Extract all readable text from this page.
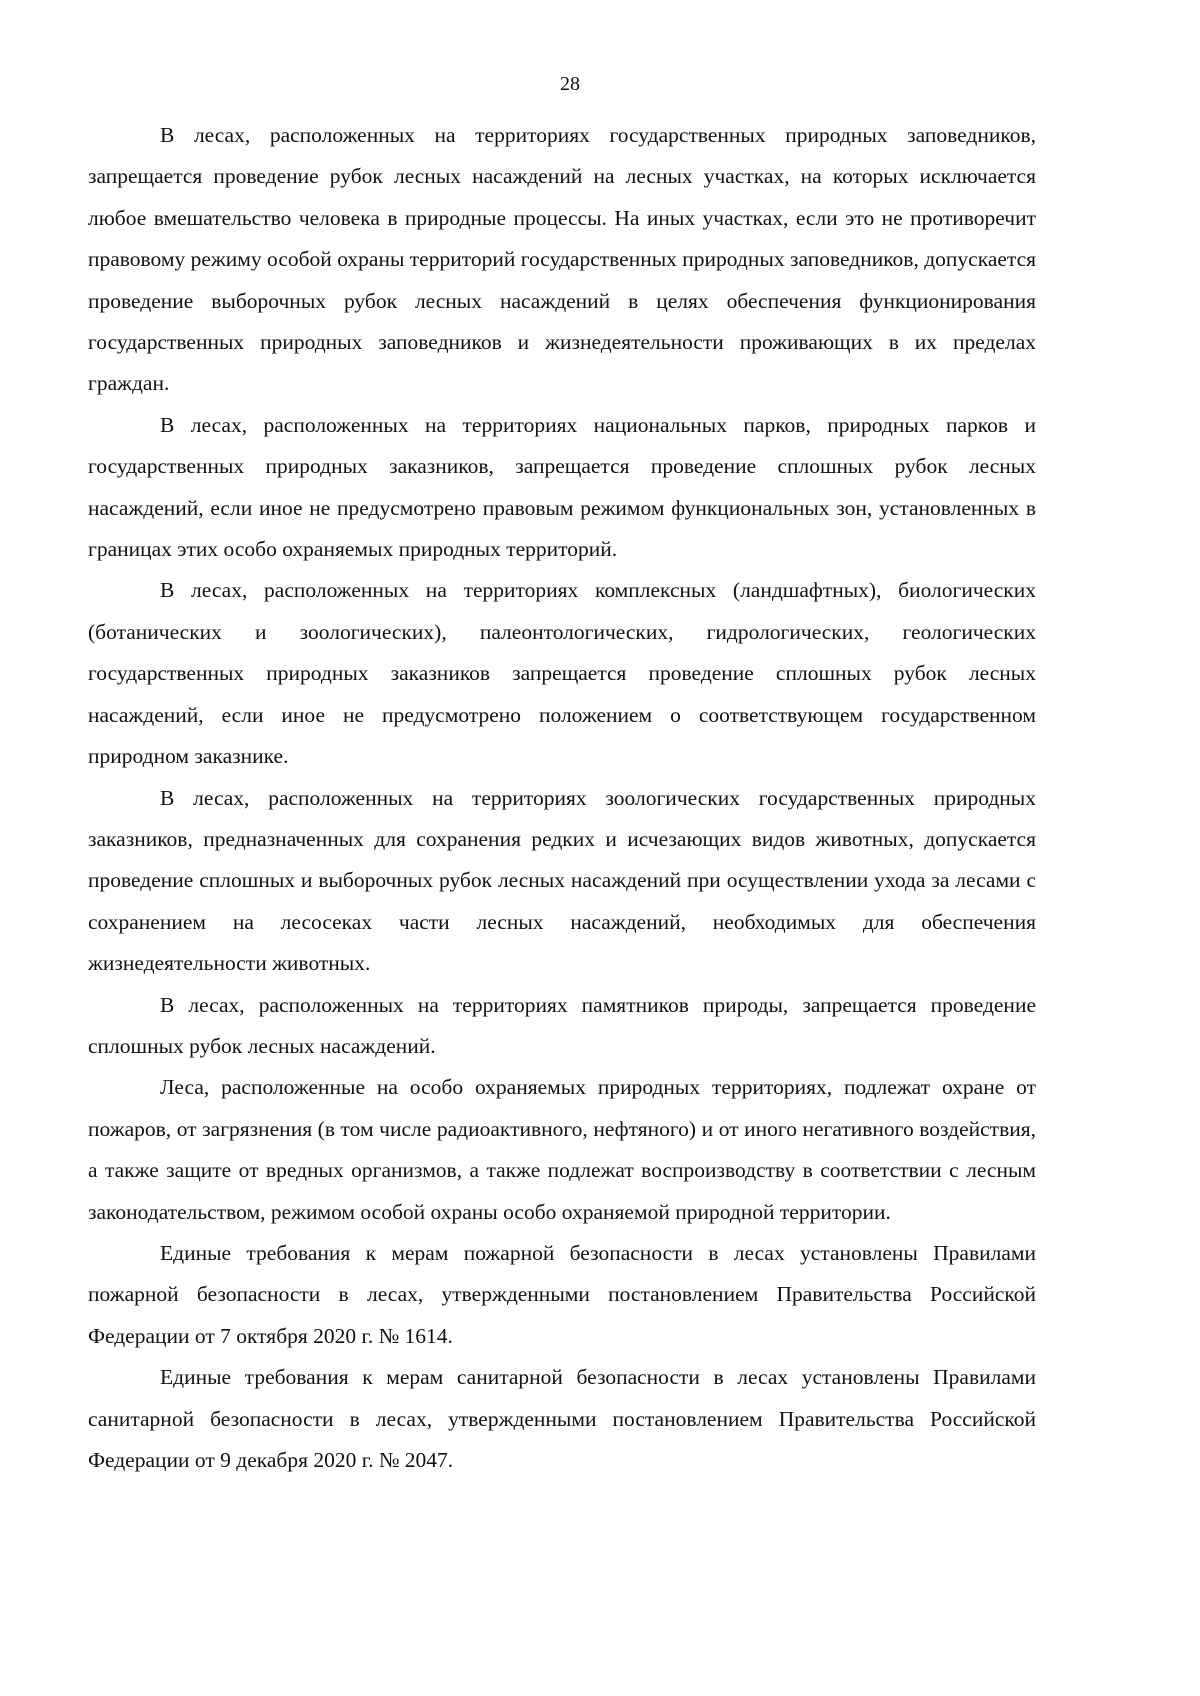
28

В лесах, расположенных на территориях государственных природных заповедников, запрещается проведение рубок лесных насаждений на лесных участках, на которых исключается любое вмешательство человека в природные процессы. На иных участках, если это не противоречит правовому режиму особой охраны территорий государственных природных заповедников, допускается проведение выборочных рубок лесных насаждений в целях обеспечения функционирования государственных природных заповедников и жизнедеятельности проживающих в их пределах граждан.

В лесах, расположенных на территориях национальных парков, природных парков и государственных природных заказников, запрещается проведение сплошных рубок лесных насаждений, если иное не предусмотрено правовым режимом функциональных зон, установленных в границах этих особо охраняемых природных территорий.

В лесах, расположенных на территориях комплексных (ландшафтных), биологических (ботанических и зоологических), палеонтологических, гидрологических, геологических государственных природных заказников запрещается проведение сплошных рубок лесных насаждений, если иное не предусмотрено положением о соответствующем государственном природном заказнике.

В лесах, расположенных на территориях зоологических государственных природных заказников, предназначенных для сохранения редких и исчезающих видов животных, допускается проведение сплошных и выборочных рубок лесных насаждений при осуществлении ухода за лесами с сохранением на лесосеках части лесных насаждений, необходимых для обеспечения жизнедеятельности животных.

В лесах, расположенных на территориях памятников природы, запрещается проведение сплошных рубок лесных насаждений.

Леса, расположенные на особо охраняемых природных территориях, подлежат охране от пожаров, от загрязнения (в том числе радиоактивного, нефтяного) и от иного негативного воздействия, а также защите от вредных организмов, а также подлежат воспроизводству в соответствии с лесным законодательством, режимом особой охраны особо охраняемой природной территории.

Единые требования к мерам пожарной безопасности в лесах установлены Правилами пожарной безопасности в лесах, утвержденными постановлением Правительства Российской Федерации от 7 октября 2020 г. № 1614.

Единые требования к мерам санитарной безопасности в лесах установлены Правилами санитарной безопасности в лесах, утвержденными постановлением Правительства Российской Федерации от 9 декабря 2020 г. № 2047.
